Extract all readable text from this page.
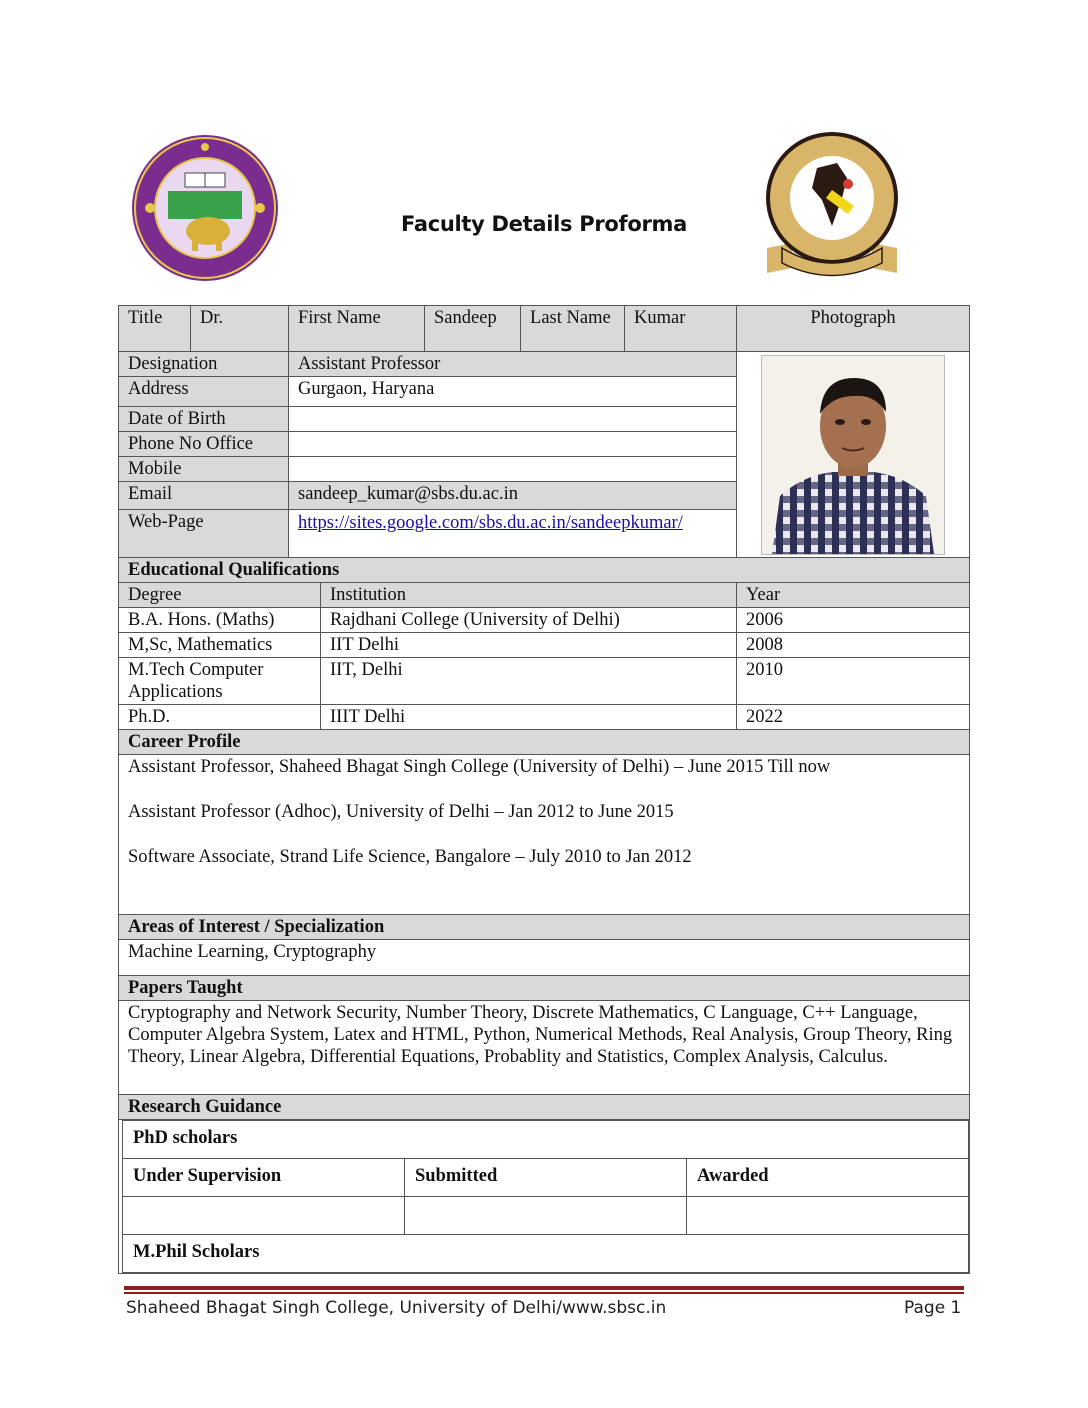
Faculty Details Proforma
Title	Dr.	First Name	Sandeep	Last Name	Kumar	Photograph
Designation	Assistant Professor	

Address	Gurgaon, Haryana
Date of Birth	
Phone No Office	
Mobile	
Email	sandeep_kumar@sbs.du.ac.in
Web-Page	https://sites.google.com/sbs.du.ac.in/sandeepkumar/
Educational Qualifications
Degree	Institution	Year
B.A. Hons. (Maths)	Rajdhani College (University of Delhi)	2006
M,Sc, Mathematics	IIT Delhi	2008
M.Tech Computer Applications	IIT, Delhi	2010
Ph.D.	IIIT Delhi	2022
Career Profile

Assistant Professor, Shaheed Bhagat Singh College (University of Delhi) – June 2015 Till now
Assistant Professor (Adhoc), University of Delhi – Jan 2012 to June 2015
Software Associate, Strand Life Science, Bangalore – July 2010 to Jan 2012

Areas of Interest / Specialization
Machine Learning, Cryptography
Papers Taught
Cryptography and Network Security, Number Theory, Discrete Mathematics, C Language, C++ Language, Computer Algebra System, Latex and HTML, Python, Numerical Methods, Real Analysis, Group Theory, Ring Theory, Linear Algebra, Differential Equations, Probablity and Statistics, Complex Analysis, Calculus.
Research Guidance

PhD scholars
Under Supervision	Submitted	Awarded

M.Phil Scholars
Shaheed Bhagat Singh College, University of Delhi/www.sbsc.in	Page 1
